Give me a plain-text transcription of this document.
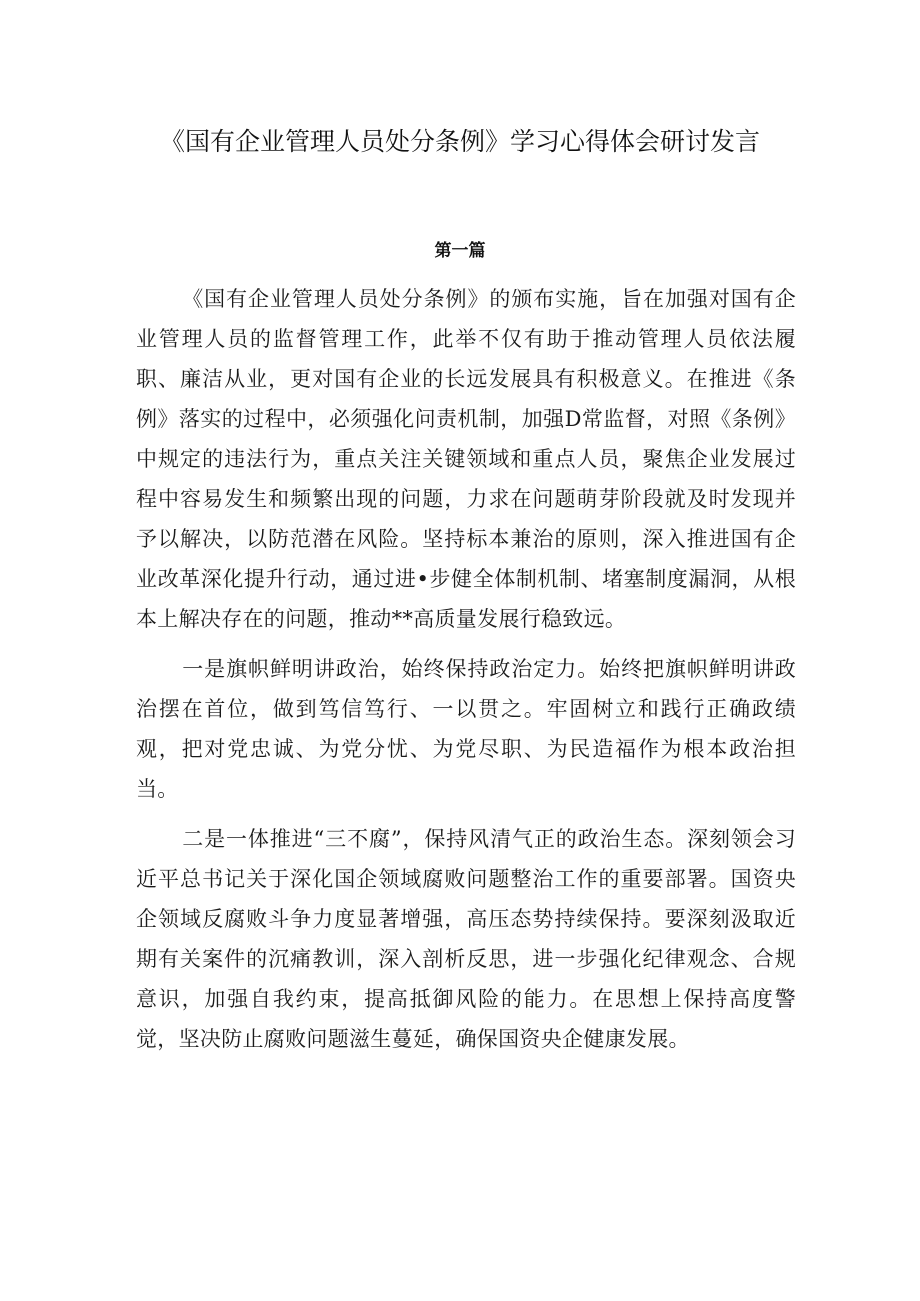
《国有企业管理人员处分条例》学习心得体会研讨发言
第一篇

《国有企业管理人员处分条例》的颁布实施，旨在加强对国有企业管理人员的监督管理工作，此举不仅有助于推动管理人员依法履职、廉洁从业，更对国有企业的长远发展具有积极意义。在推进《条例》落实的过程中，必须强化问责机制，加强D常监督，对照《条例》中规定的违法行为，重点关注关键领域和重点人员，聚焦企业发展过程中容易发生和频繁出现的问题，力求在问题萌芽阶段就及时发现并予以解决，以防范潜在风险。坚持标本兼治的原则，深入推进国有企业改革深化提升行动，通过进•步健全体制机制、堵塞制度漏洞，从根本上解决存在的问题，推动**高质量发展行稳致远。

一是旗帜鲜明讲政治，始终保持政治定力。始终把旗帜鲜明讲政治摆在首位，做到笃信笃行、一以贯之。牢固树立和践行正确政绩观，把对党忠诚、为党分忧、为党尽职、为民造福作为根本政治担当。

二是一体推进“三不腐”，保持风清气正的政治生态。深刻领会习近平总书记关于深化国企领域腐败问题整治工作的重要部署。国资央企领域反腐败斗争力度显著增强，高压态势持续保持。要深刻汲取近期有关案件的沉痛教训，深入剖析反思，进一步强化纪律观念、合规意识，加强自我约束，提高抵御风险的能力。在思想上保持高度警觉，坚决防止腐败问题滋生蔓延，确保国资央企健康发展。
